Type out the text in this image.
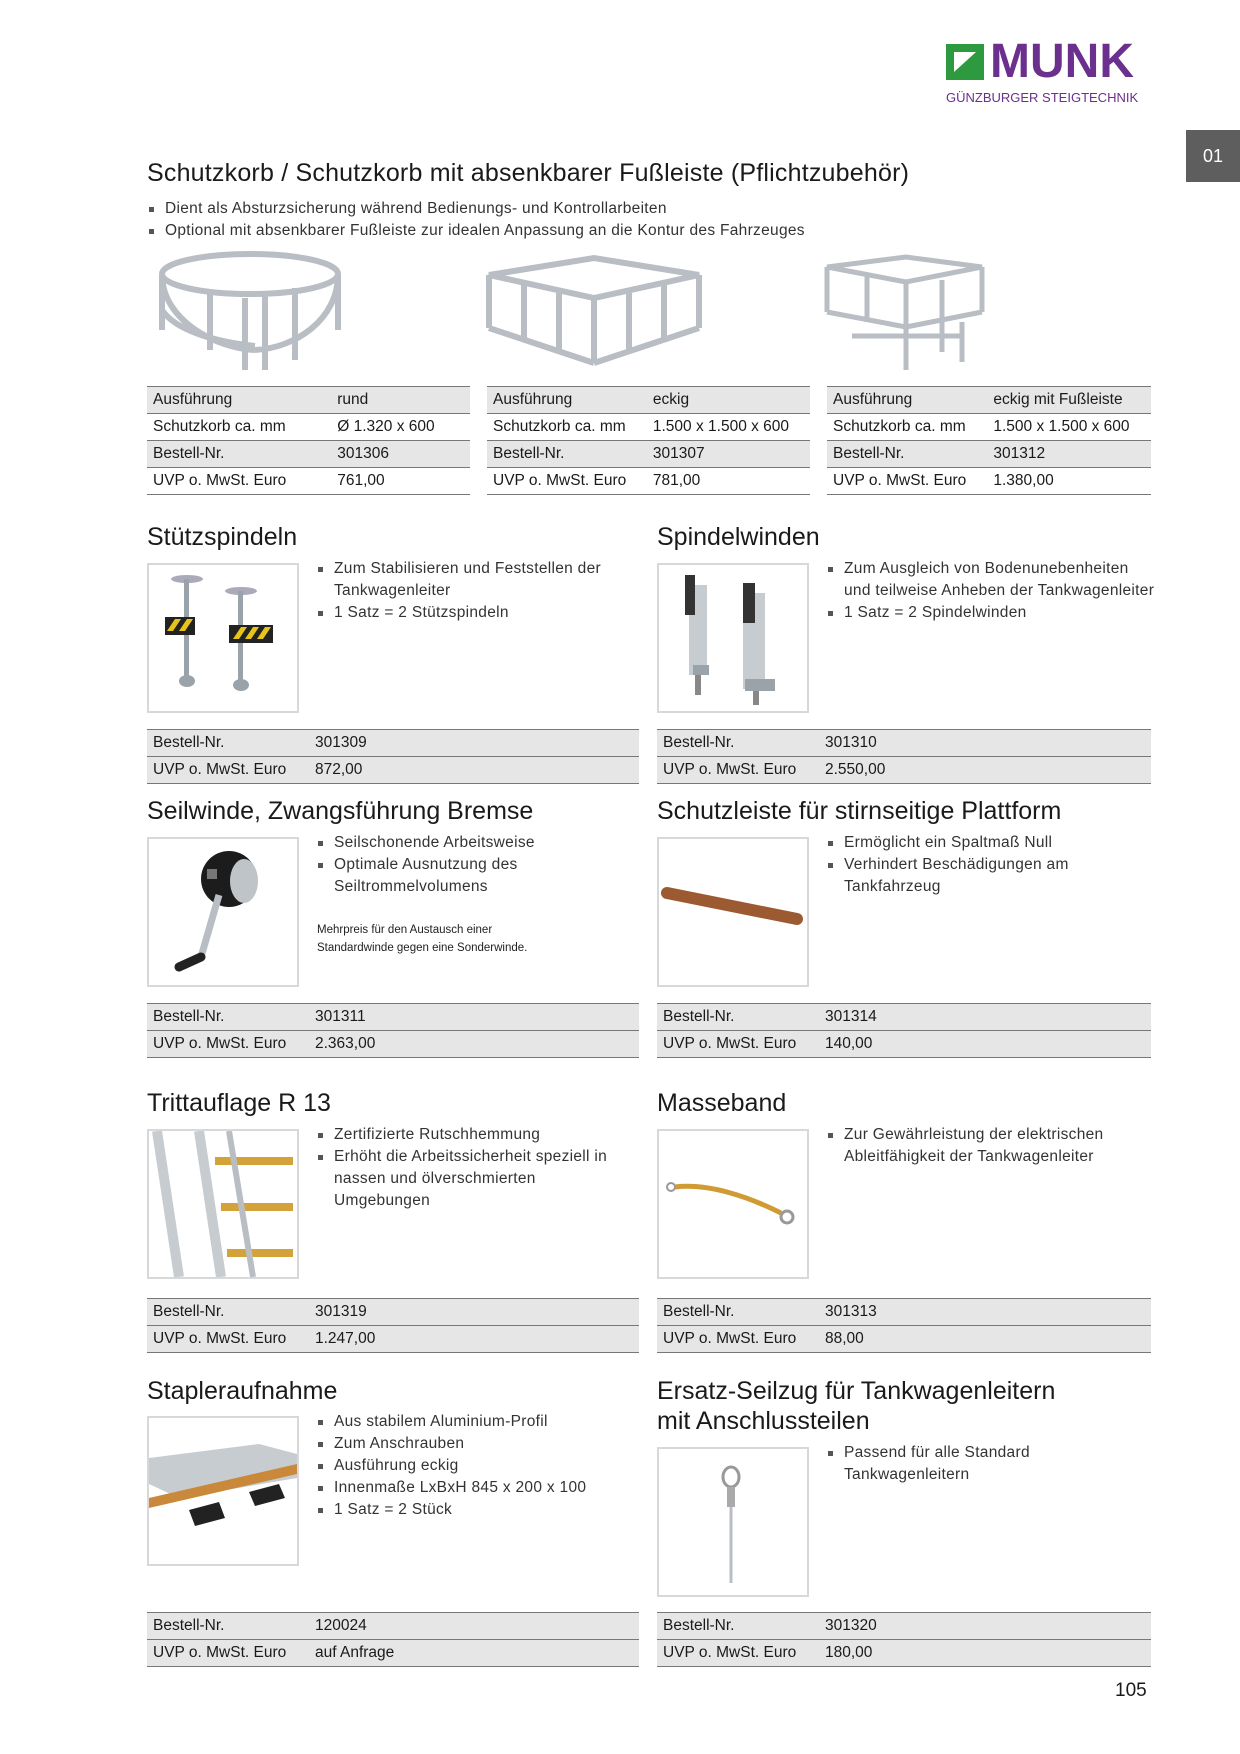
MUNK
GÜNZBURGER STEIGTECHNIK
01
Schutzkorb / Schutzkorb mit absenkbarer Fußleiste (Pflichtzubehör)
Dient als Absturzsicherung während Bedienungs- und Kontrollarbeiten
Optional mit absenkbarer Fußleiste zur idealen Anpassung an die Kontur des Fahrzeuges
Ausführung	rund
Schutzkorb ca. mm	Ø 1.320 x 600
Bestell-Nr.	301306
UVP o. MwSt. Euro	761,00
Ausführung	eckig
Schutzkorb ca. mm	1.500 x 1.500 x 600
Bestell-Nr.	301307
UVP o. MwSt. Euro	781,00
Ausführung	eckig mit Fußleiste
Schutzkorb ca. mm	1.500 x 1.500 x 600
Bestell-Nr.	301312
UVP o. MwSt. Euro	1.380,00
Stützspindeln
Zum Stabilisieren und Feststellen der Tankwagenleiter
1 Satz = 2 Stützspindeln
Bestell-Nr.	301309
UVP o. MwSt. Euro	872,00
Spindelwinden
Zum Ausgleich von Bodenunebenheiten und teilweise Anheben der Tankwagenleiter
1 Satz = 2 Spindelwinden
Bestell-Nr.	301310
UVP o. MwSt. Euro	2.550,00
Seilwinde, Zwangsführung Bremse
Seilschonende Arbeitsweise
Optimale Ausnutzung des Seiltrommelvolumens
Mehrpreis für den Austausch einer
Standardwinde gegen eine Sonderwinde.
Bestell-Nr.	301311
UVP o. MwSt. Euro	2.363,00
Schutzleiste für stirnseitige Plattform
Ermöglicht ein Spaltmaß Null
Verhindert Beschädigungen am Tankfahrzeug
Bestell-Nr.	301314
UVP o. MwSt. Euro	140,00
Trittauflage R 13
Zertifizierte Rutschhemmung
Erhöht die Arbeitssicherheit speziell in nassen und ölverschmierten Umgebungen
Bestell-Nr.	301319
UVP o. MwSt. Euro	1.247,00
Masseband
Zur Gewährleistung der elektrischen Ableitfähigkeit der Tankwagenleiter
Bestell-Nr.	301313
UVP o. MwSt. Euro	88,00
Stapleraufnahme
Aus stabilem Aluminium-Profil
Zum Anschrauben
Ausführung eckig
Innenmaße LxBxH 845 x 200 x 100
1 Satz = 2 Stück
Bestell-Nr.	120024
UVP o. MwSt. Euro	auf Anfrage
Ersatz-Seilzug für Tankwagenleitern
mit Anschlussteilen
Passend für alle Standard Tankwagenleitern
Bestell-Nr.	301320
UVP o. MwSt. Euro	180,00
105
